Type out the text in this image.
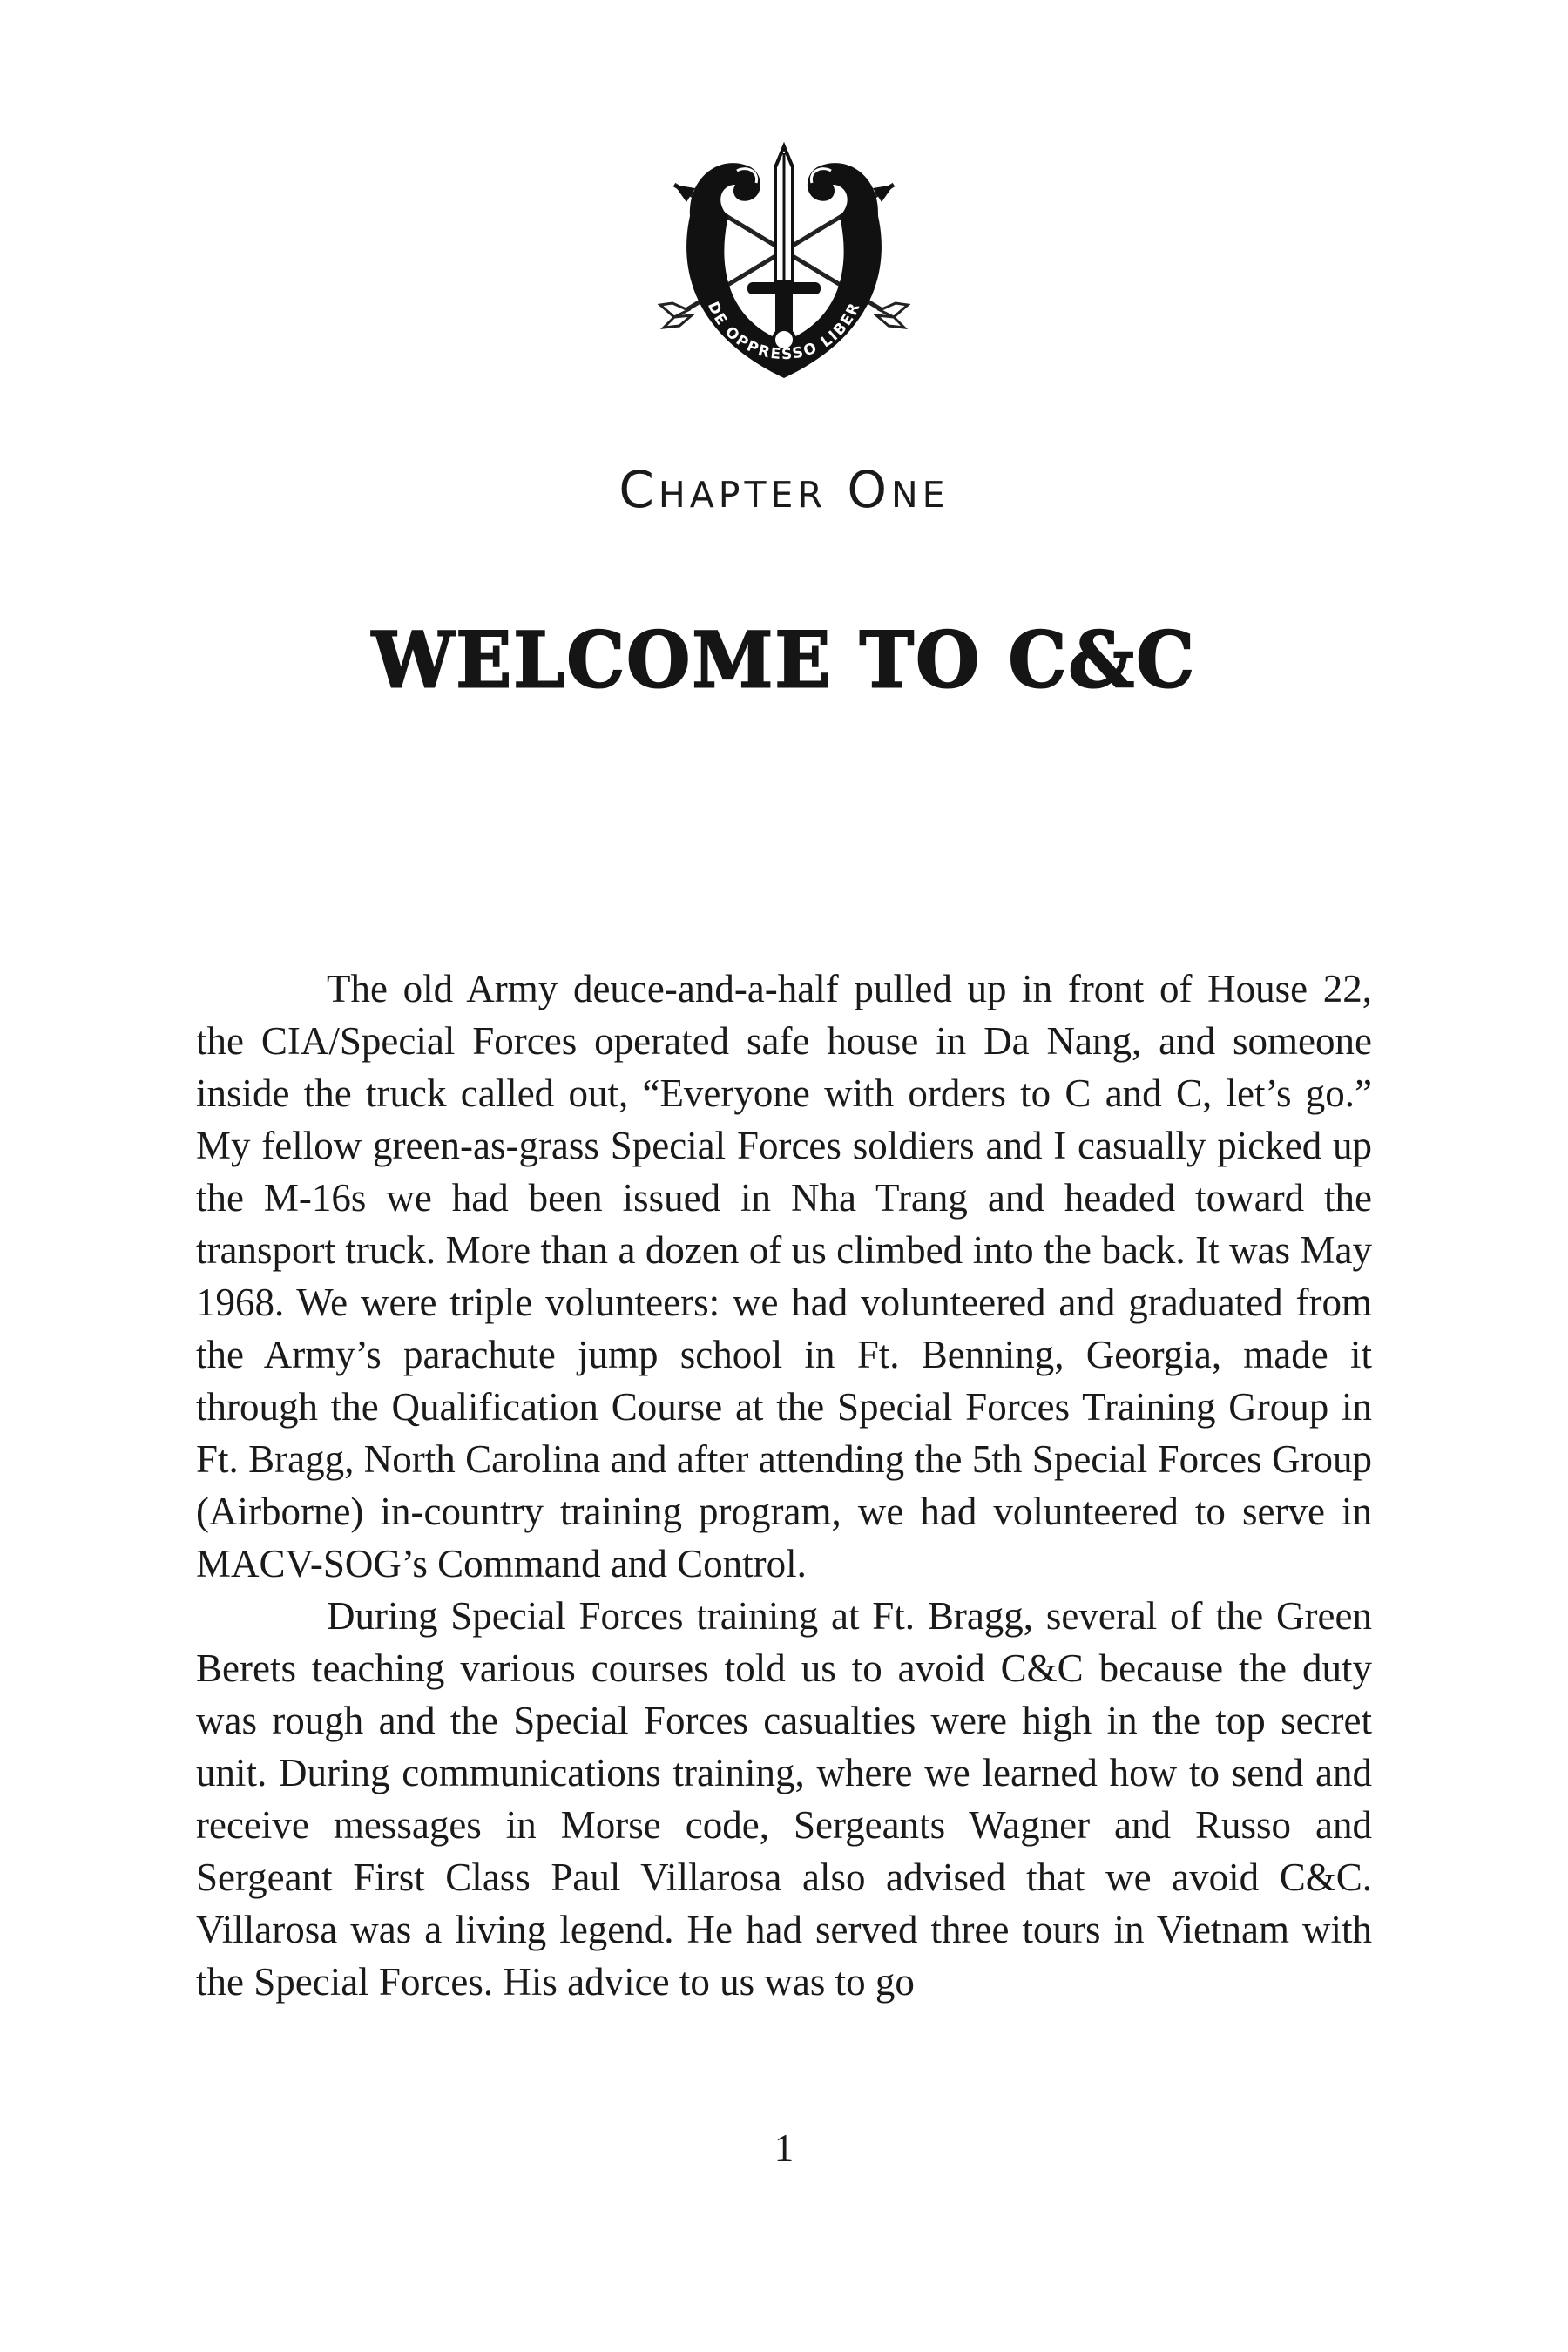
DE OPPRESSO LIBER
Chapter One
WELCOME TO C&C

The old Army deuce-and-a-half pulled up in front of House 22, the CIA/Special Forces operated safe house in Da Nang, and someone inside the truck called out, “Everyone with orders to C and C, let’s go.” My fellow green-as-grass Special Forces soldiers and I casually picked up the M-16s we had been issued in Nha Trang and headed toward the transport truck. More than a dozen of us climbed into the back. It was May 1968. We were triple volunteers: we had volunteered and graduated from the Army’s parachute jump school in Ft. Benning, Georgia, made it through the Qualification Course at the Special Forces Training Group in Ft. Bragg, North Carolina and after attending the 5th Special Forces Group (Airborne) in-country training program, we had volunteered to serve in MACV-SOG’s Command and Control.

During Special Forces training at Ft. Bragg, several of the Green Berets teaching various courses told us to avoid C&C because the duty was rough and the Special Forces casualties were high in the top secret unit. During communications training, where we learned how to send and receive messages in Morse code, Sergeants Wagner and Russo and Sergeant First Class Paul Villarosa also advised that we avoid C&C. Villarosa was a living legend. He had served three tours in Vietnam with the Special Forces. His advice to us was to go

1
